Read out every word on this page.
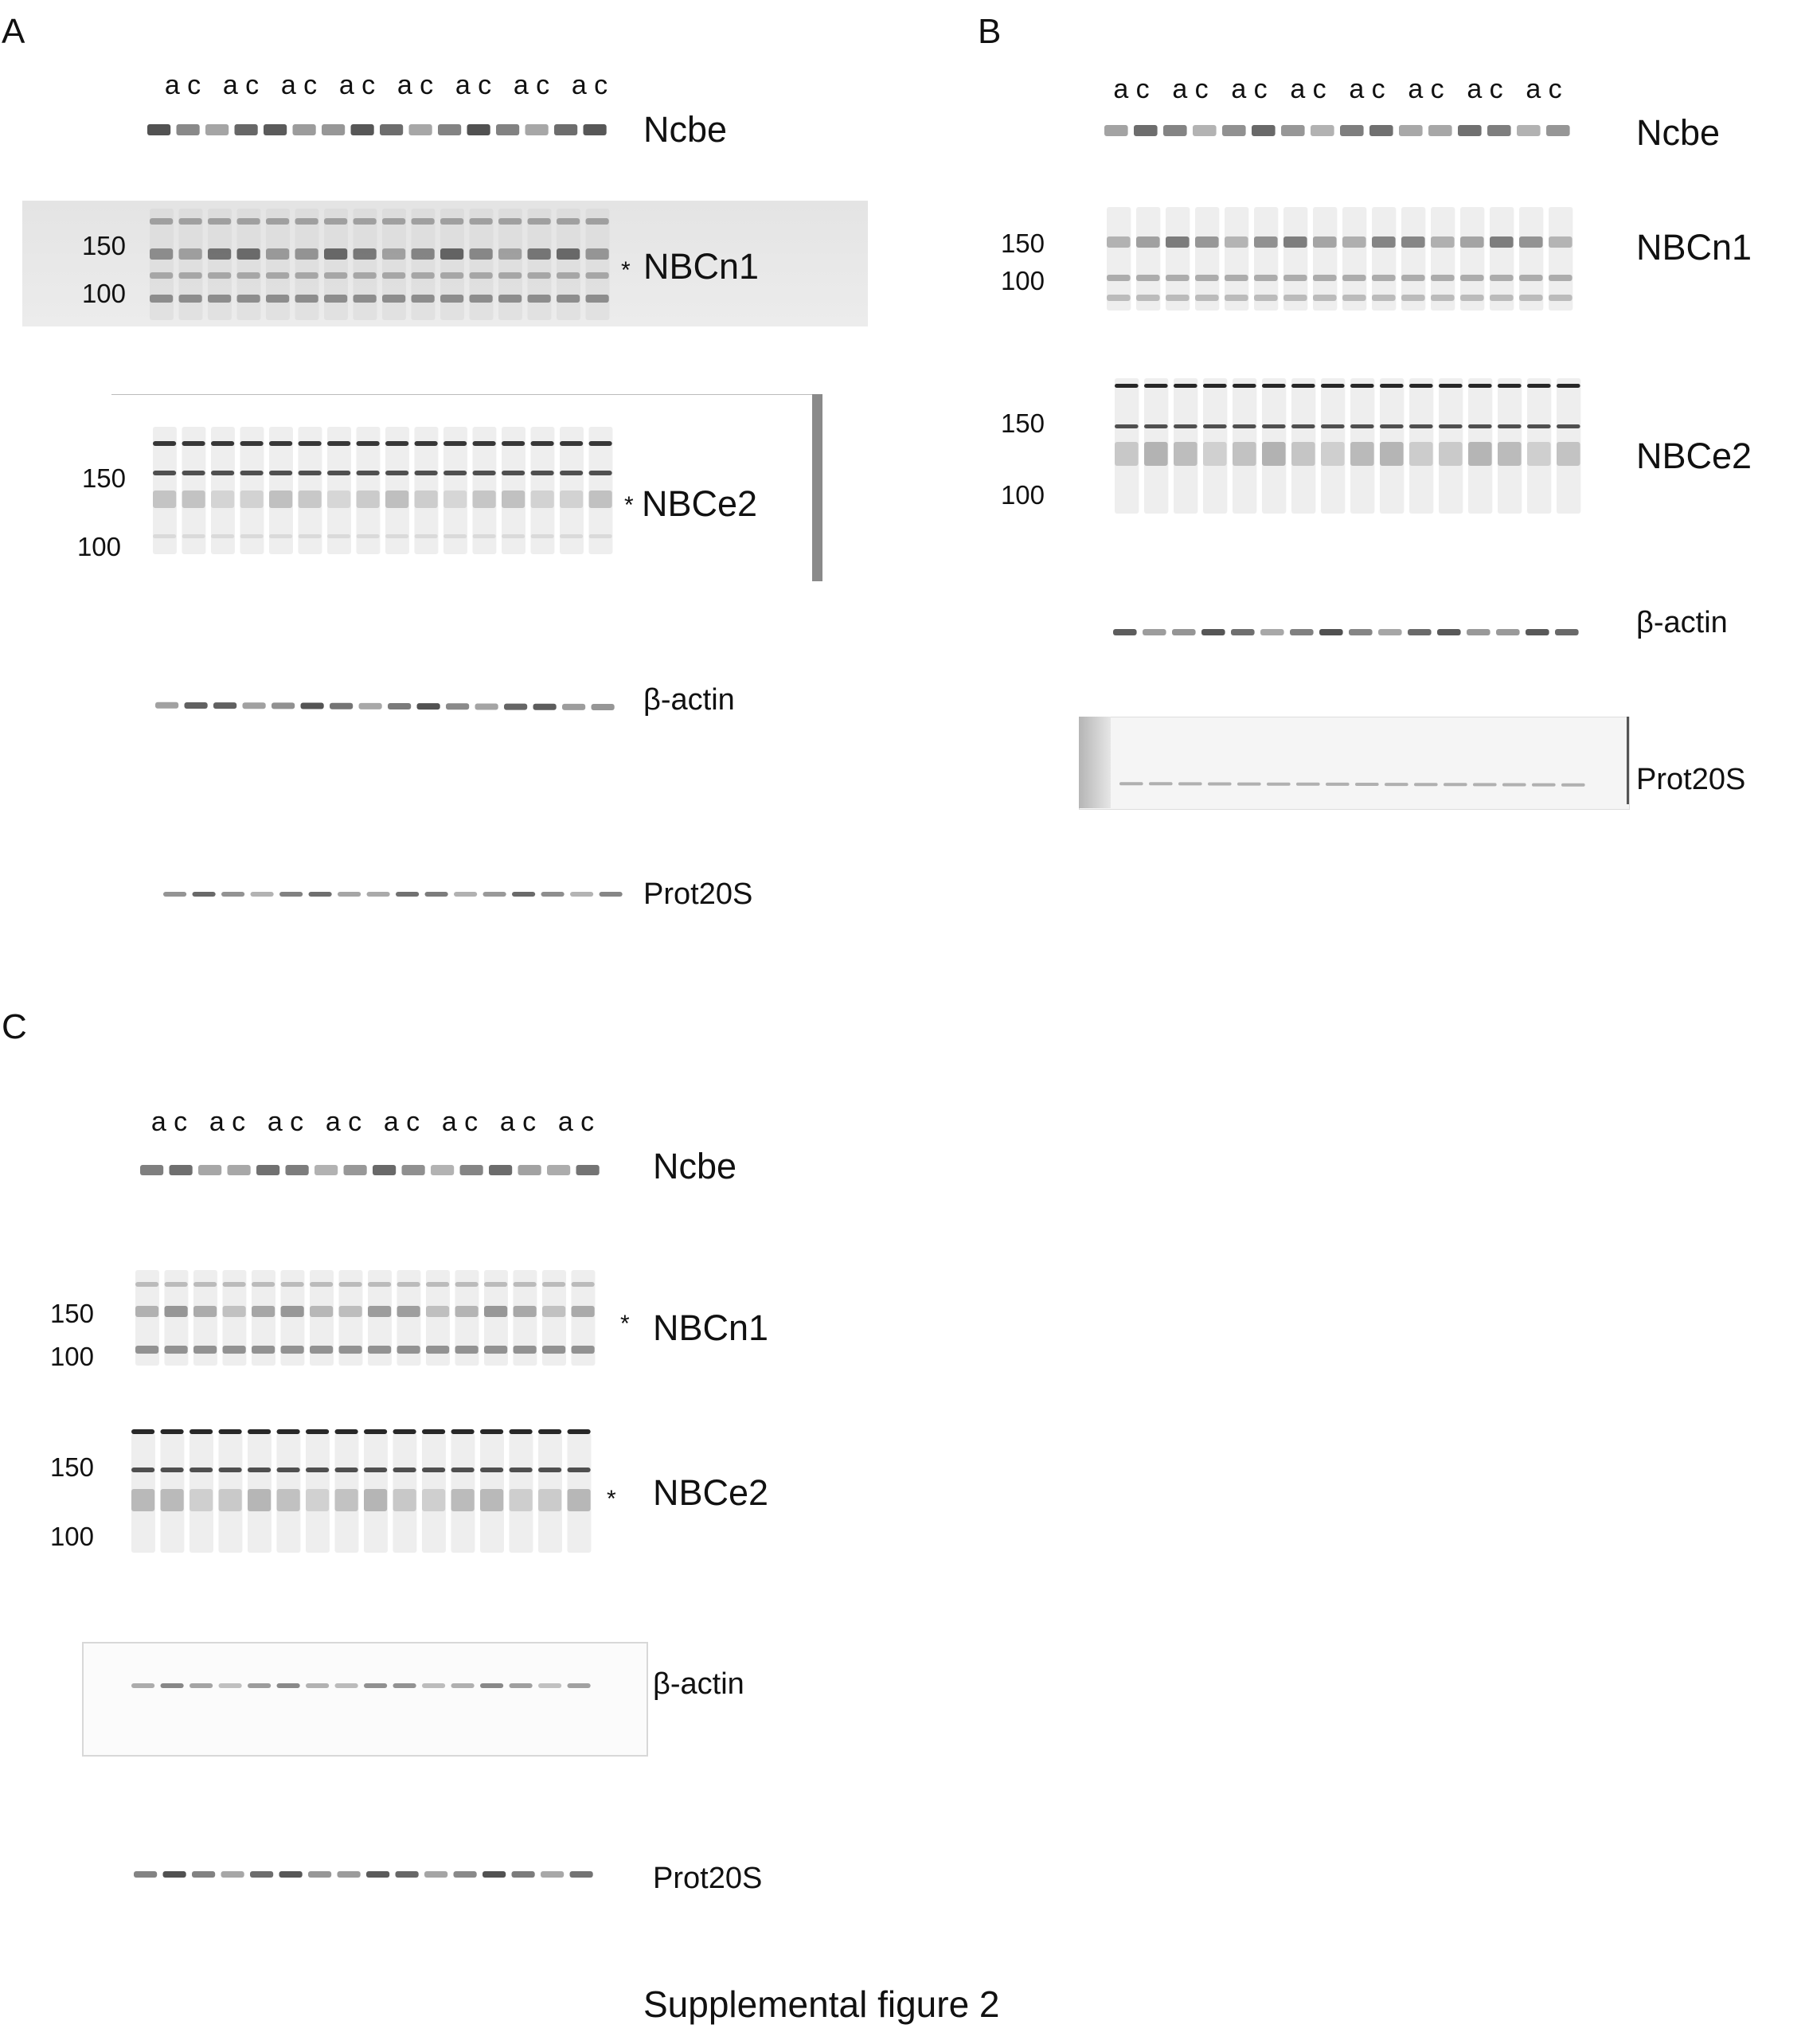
A
a c a c a c a c a c a c a c a c
Ncbe
150
100
* NBCn1
150
100
* NBCe2
β-actin
Prot20S
B
a c a c a c a c a c a c a c a c
Ncbe
150
100
NBCn1
150
100
NBCe2
β-actin
Prot20S
C
a c a c a c a c a c a c a c a c
Ncbe
150
100
* NBCn1
150
100
* NBCe2
β-actin
Prot20S
Supplemental figure 2
